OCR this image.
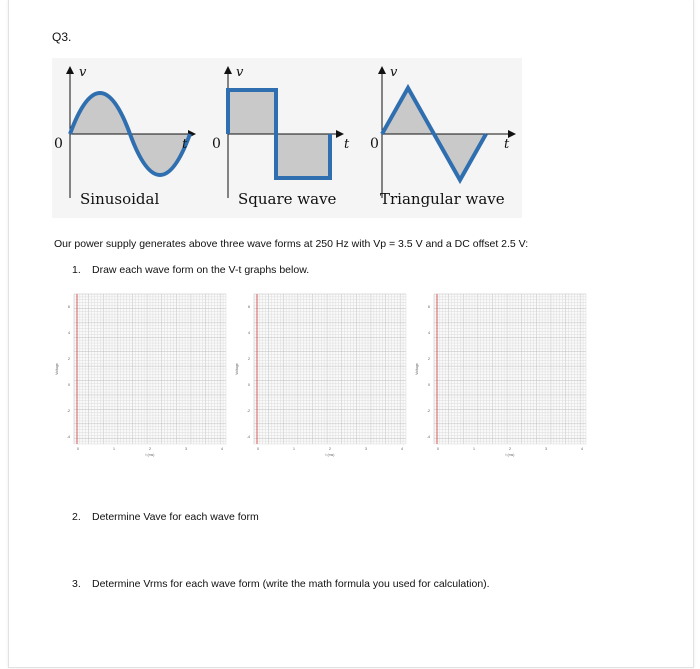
Q3.
v
t
0
Sinusoidal
v
t
0
Square wave
v
t
0
Triangular wave
Our power supply generates above three wave forms at 250 Hz with Vp = 3.5 V and a DC offset 2.5 V:
1. Draw each wave form on the V-t graphs below.
6
4
2
0
-2
-4
0	1	2	3	4
Voltage
t (ms)
6
4
2
0
-2
-4
0	1	2	3	4
Voltage
t (ms)
6
4
2
0
-2
-4
0	1	2	3	4
Voltage
t (ms)
2. Determine Vave for each wave form
3. Determine Vrms for each wave form (write the math formula you used for calculation).
